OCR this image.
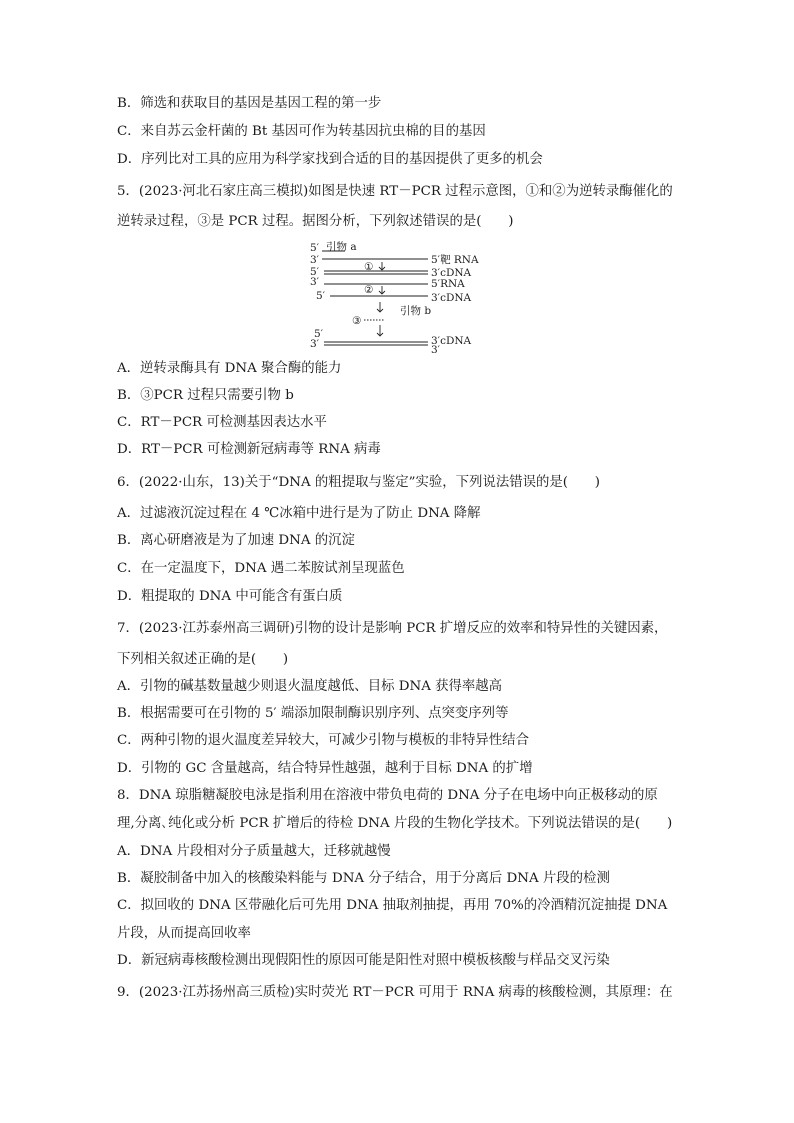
B．筛选和获取目的基因是基因工程的第一步
C．来自苏云金杆菌的 Bt 基因可作为转基因抗虫棉的目的基因
D．序列比对工具的应用为科学家找到合适的目的基因提供了更多的机会
5．(2023·河北石家庄高三模拟)如图是快速 RT－PCR 过程示意图，①和②为逆转录酶催化的
逆转录过程，③是 PCR 过程。据图分析，下列叙述错误的是(　　)
5′ 引物 a
3′	5′靶 RNA
5′	①	3′cDNA
3′	5′RNA
②
5′	3′cDNA
引物 b
③
5′
3′	3′cDNA
3′
A．逆转录酶具有 DNA 聚合酶的能力
B．③PCR 过程只需要引物 b
C．RT－PCR 可检测基因表达水平
D．RT－PCR 可检测新冠病毒等 RNA 病毒
6．(2022·山东，13)关于“DNA 的粗提取与鉴定”实验，下列说法错误的是(　　)
A．过滤液沉淀过程在 4 ℃冰箱中进行是为了防止 DNA 降解
B．离心研磨液是为了加速 DNA 的沉淀
C．在一定温度下，DNA 遇二苯胺试剂呈现蓝色
D．粗提取的 DNA 中可能含有蛋白质
7．(2023·江苏泰州高三调研)引物的设计是影响 PCR 扩增反应的效率和特异性的关键因素，
下列相关叙述正确的是(　　)
A．引物的碱基数量越少则退火温度越低、目标 DNA 获得率越高
B．根据需要可在引物的 5′ 端添加限制酶识别序列、点突变序列等
C．两种引物的退火温度差异较大，可减少引物与模板的非特异性结合
D．引物的 GC 含量越高，结合特异性越强，越利于目标 DNA 的扩增
8．DNA 琼脂糖凝胶电泳是指利用在溶液中带负电荷的 DNA 分子在电场中向正极移动的原
理,分离､纯化或分析 PCR 扩增后的待检 DNA 片段的生物化学技术。下列说法错误的是(　　)
A．DNA 片段相对分子质量越大，迁移就越慢
B．凝胶制备中加入的核酸染料能与 DNA 分子结合，用于分离后 DNA 片段的检测
C．拟回收的 DNA 区带融化后可先用 DNA 抽取剂抽提，再用 70%的冷酒精沉淀抽提 DNA
片段，从而提高回收率
D．新冠病毒核酸检测出现假阳性的原因可能是阳性对照中模板核酸与样品交叉污染
9．(2023·江苏扬州高三质检)实时荧光 RT－PCR 可用于 RNA 病毒的核酸检测，其原理：在
